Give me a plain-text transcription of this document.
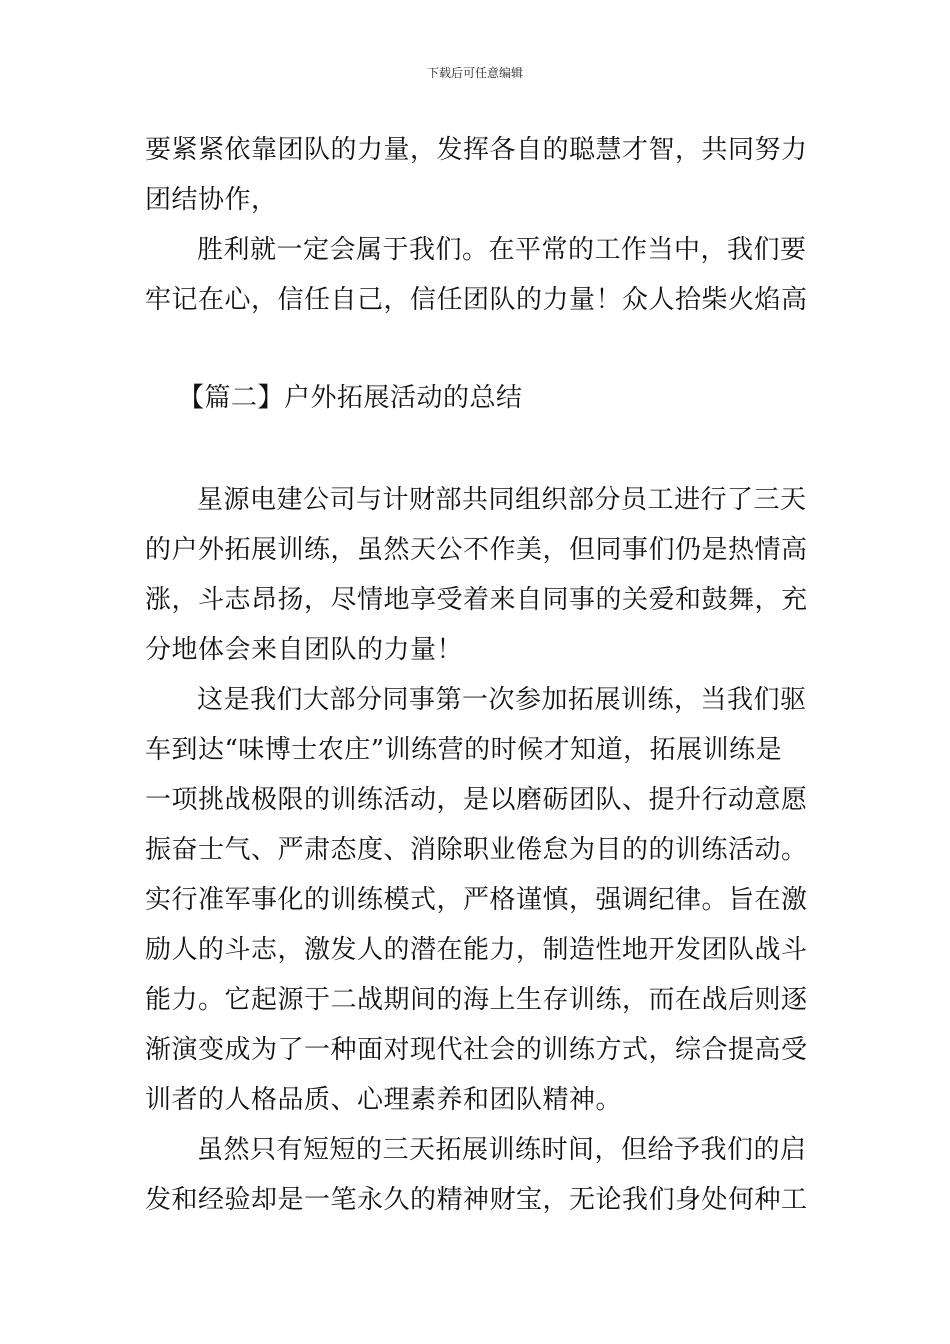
下载后可任意编辑
要紧紧依靠团队的力量，发挥各自的聪慧才智，共同努力
团结协作，
胜利就一定会属于我们。在平常的工作当中，我们要
牢记在心，信任自己，信任团队的力量！众人拾柴火焰高
【篇二】户外拓展活动的总结
星源电建公司与计财部共同组织部分员工进行了三天
的户外拓展训练，虽然天公不作美，但同事们仍是热情高
涨，斗志昂扬，尽情地享受着来自同事的关爱和鼓舞，充
分地体会来自团队的力量！
这是我们大部分同事第一次参加拓展训练，当我们驱
车到达“味博士农庄”训练营的时候才知道，拓展训练是
一项挑战极限的训练活动，是以磨砺团队、提升行动意愿
振奋士气、严肃态度、消除职业倦怠为目的的训练活动。
实行准军事化的训练模式，严格谨慎，强调纪律。旨在激
励人的斗志，激发人的潜在能力，制造性地开发团队战斗
能力。它起源于二战期间的海上生存训练，而在战后则逐
渐演变成为了一种面对现代社会的训练方式，综合提高受
训者的人格品质、心理素养和团队精神。
虽然只有短短的三天拓展训练时间，但给予我们的启
发和经验却是一笔永久的精神财宝，无论我们身处何种工
